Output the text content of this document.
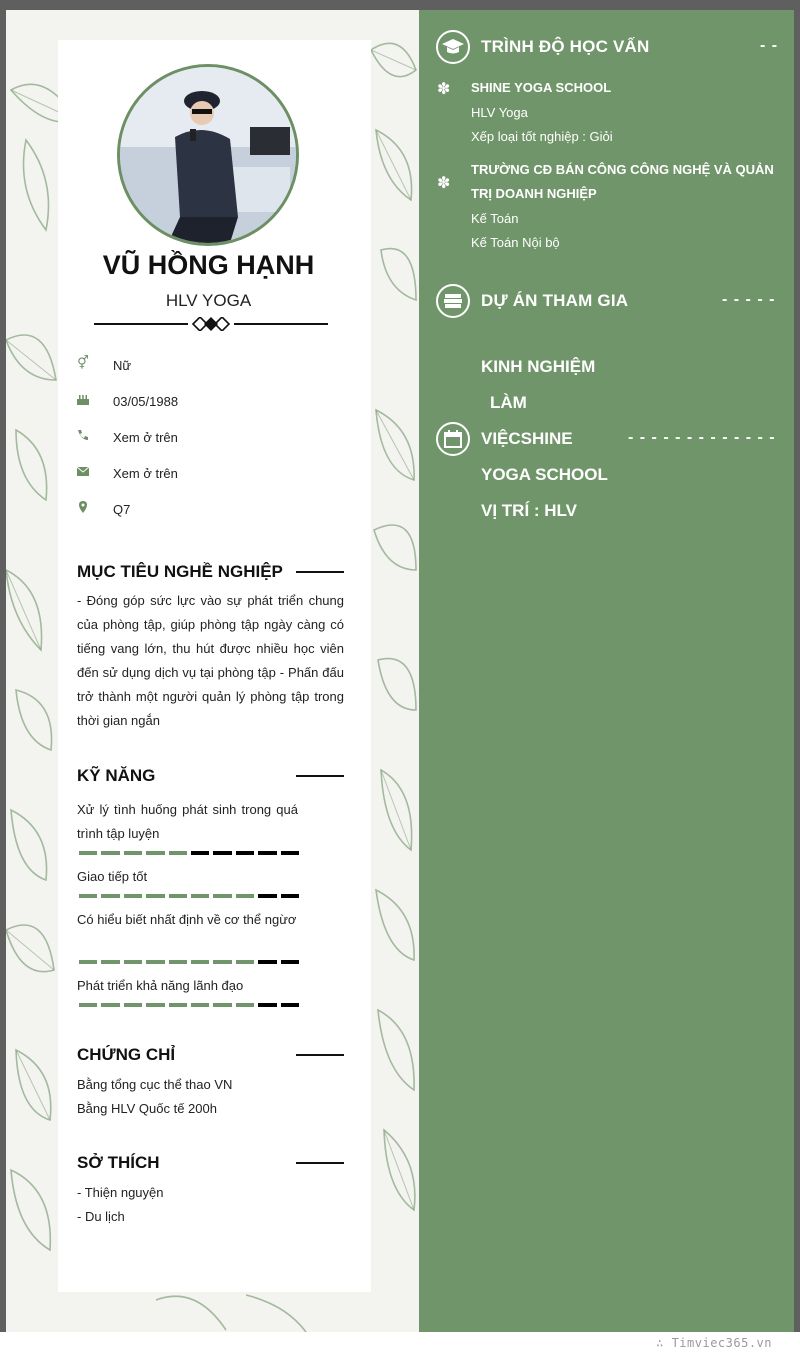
VŨ HỒNG HẠNH
HLV YOGA
⚥ Nữ
03/05/1988
Xem ở trên
Xem ở trên
Q7
MỤC TIÊU NGHỀ NGHIỆP
- Đóng góp sức lực vào sự phát triển chung của phòng tập, giúp phòng tập ngày càng có tiếng vang lớn, thu hút được nhiều học viên đến sử dụng dịch vụ tại phòng tập - Phấn đấu trở thành một người quản lý phòng tập trong thời gian ngắn
KỸ NĂNG
Xử lý tình huống phát sinh trong quá trình tập luyện
Giao tiếp tốt
Có hiểu biết nhất định về cơ thể ngừơ
Phát triển khả năng lãnh đạo
CHỨNG CHỈ
Bằng tổng cục thể thao VN
Bằng HLV Quốc tế 200h
SỞ THÍCH
- Thiện nguyện
- Du lịch
TRÌNH ĐỘ HỌC VẤN	- -
✽ SHINE YOGA SCHOOL
HLV Yoga
Xếp loại tốt nghiệp : Giỏi
✽
TRƯỜNG CĐ BÁN CÔNG CÔNG NGHỆ VÀ QUẢN TRỊ DOANH NGHIỆP
Kế Toán
Kế Toán Nội bộ
DỰ ÁN THAM GIA	- - - - -
KINH NGHIỆM
LÀM
VIỆCSHINE	- - - - - - - - - - - - -
YOGA SCHOOL
VỊ TRÍ : HLV
∴ Timviec365.vn
